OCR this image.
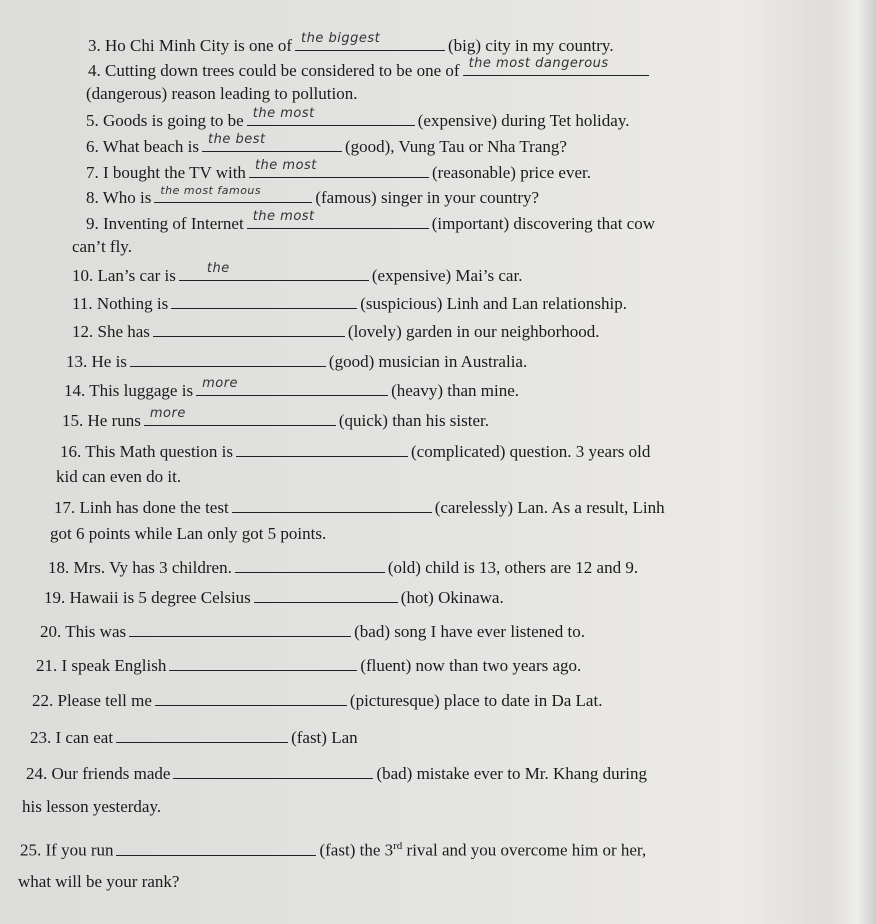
3. Ho Chi Minh City is one of the biggest	(big) city in my country.
4. Cutting down trees could be considered to be one of the most dangerous
(dangerous) reason leading to pollution.
5. Goods is going to be the most	(expensive) during Tet holiday.
6. What beach is the best	(good), Vung Tau or Nha Trang?
7. I bought the TV with the most	(reasonable) price ever.
8. Who is the most famous	(famous) singer in your country?
9. Inventing of Internet the most	(important) discovering that cow
can’t fly.
10. Lan’s car is the	(expensive) Mai’s car.
11. Nothing is	(suspicious) Linh and Lan relationship.
12. She has	(lovely) garden in our neighborhood.
13. He is	(good) musician in Australia.
14. This luggage is more	(heavy) than mine.
15. He runs more	(quick) than his sister.
16. This Math question is	(complicated) question. 3 years old
kid can even do it.
17. Linh has done the test	(carelessly) Lan. As a result, Linh
got 6 points while Lan only got 5 points.
18. Mrs. Vy has 3 children.	(old) child is 13, others are 12 and 9.
19. Hawaii is 5 degree Celsius	(hot) Okinawa.
20. This was	(bad) song I have ever listened to.
21. I speak English	(fluent) now than two years ago.
22. Please tell me	(picturesque) place to date in Da Lat.
23. I can eat	(fast) Lan
24. Our friends made	(bad) mistake ever to Mr. Khang during
his lesson yesterday.
25. If you run	(fast) the 3rd rival and you overcome him or her,
what will be your rank?
